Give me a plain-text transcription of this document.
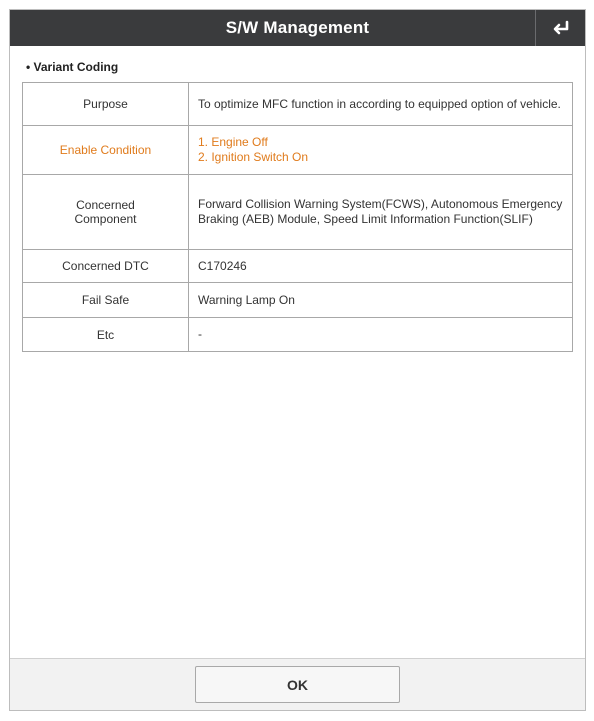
S/W Management
• Variant Coding
Purpose	To optimize MFC function in according to equipped option of vehicle.

Enable Condition	1. Engine Off
2. Ignition Switch On

Concerned Component	Forward Collision Warning System(FCWS), Autonomous Emergency Braking (AEB) Module, Speed Limit Information Function(SLIF)

Concerned DTC	C170246

Fail Safe	Warning Lamp On

Etc	-
OK
